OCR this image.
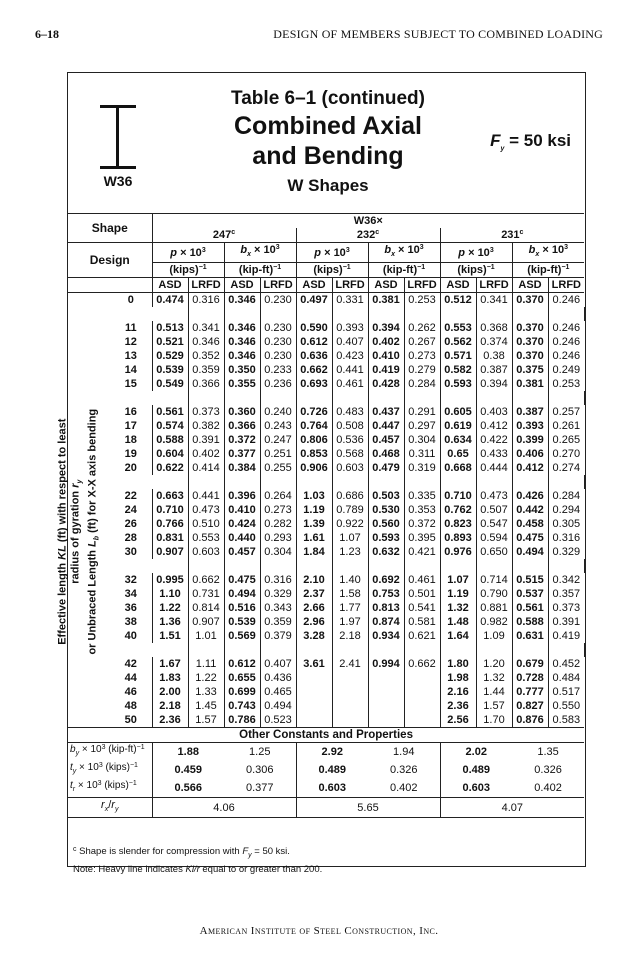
6–18	DESIGN OF MEMBERS SUBJECT TO COMBINED LOADING
W36
Table 6–1 (continued)
Combined Axial
and Bending
W Shapes
$F_y = 50$ ksi
Shape		W36×												
		247$^c$				232$^c$				231$^c$
Design		$p \times 10^3$		$b_x \times 10^3$		$p \times 10^3$		$b_x \times 10^3$		$p \times 10^3$		$b_x \times 10^3$
		(kips)$^{-1}$		$(kip-ft)^{-1}$		(kips)$^{-1}$		$(kip-ft)^{-1}$		(kips)$^{-1}$		$(kip-ft)^{-1}$
		ASD	LRFD	ASD	LRFD	ASD	LRFD	ASD	LRFD	ASD	LRFD	ASD	LRFD	

Effective length KL (ft) with respect to least radius of gyration $r_y$
or Unbraced Length $L_b$ (ft) for X-X axis bending	0	0.474	0.316	0.346	0.230	0.497	0.331	0.381	0.253	0.512	0.341	0.370	0.246	

	11	0.513	0.341	0.346	0.230	0.590	0.393	0.394	0.262	0.553	0.368	0.370	0.246	
	12	0.521	0.346	0.346	0.230	0.612	0.407	0.402	0.267	0.562	0.374	0.370	0.246	
	13	0.529	0.352	0.346	0.230	0.636	0.423	0.410	0.273	0.571	0.38	0.370	0.246	
	14	0.539	0.359	0.350	0.233	0.662	0.441	0.419	0.279	0.582	0.387	0.375	0.249	
	15	0.549	0.366	0.355	0.236	0.693	0.461	0.428	0.284	0.593	0.394	0.381	0.253	

	16	0.561	0.373	0.360	0.240	0.726	0.483	0.437	0.291	0.605	0.403	0.387	0.257	
	17	0.574	0.382	0.366	0.243	0.764	0.508	0.447	0.297	0.619	0.412	0.393	0.261	
	18	0.588	0.391	0.372	0.247	0.806	0.536	0.457	0.304	0.634	0.422	0.399	0.265	
	19	0.604	0.402	0.377	0.251	0.853	0.568	0.468	0.311	0.65	0.433	0.406	0.270	
	20	0.622	0.414	0.384	0.255	0.906	0.603	0.479	0.319	0.668	0.444	0.412	0.274	

	22	0.663	0.441	0.396	0.264	1.03	0.686	0.503	0.335	0.710	0.473	0.426	0.284	
	24	0.710	0.473	0.410	0.273	1.19	0.789	0.530	0.353	0.762	0.507	0.442	0.294	
	26	0.766	0.510	0.424	0.282	1.39	0.922	0.560	0.372	0.823	0.547	0.458	0.305	
	28	0.831	0.553	0.440	0.293	1.61	1.07	0.593	0.395	0.893	0.594	0.475	0.316	
	30	0.907	0.603	0.457	0.304	1.84	1.23	0.632	0.421	0.976	0.650	0.494	0.329	

	32	0.995	0.662	0.475	0.316	2.10	1.40	0.692	0.461	1.07	0.714	0.515	0.342	
	34	1.10	0.731	0.494	0.329	2.37	1.58	0.753	0.501	1.19	0.790	0.537	0.357	
	36	1.22	0.814	0.516	0.343	2.66	1.77	0.813	0.541	1.32	0.881	0.561	0.373	
	38	1.36	0.907	0.539	0.359	2.96	1.97	0.874	0.581	1.48	0.982	0.588	0.391	
	40	1.51	1.01	0.569	0.379	3.28	2.18	0.934	0.621	1.64	1.09	0.631	0.419	

	42	1.67	1.11	0.612	0.407	3.61	2.41	0.994	0.662	1.80	1.20	0.679	0.452	
	44	1.83	1.22	0.655	0.436					1.98	1.32	0.728	0.484	
	46	2.00	1.33	0.699	0.465					2.16	1.44	0.777	0.517	
	48	2.18	1.45	0.743	0.494					2.36	1.57	0.827	0.550	
	50	2.36	1.57	0.786	0.523					2.56	1.70	0.876	0.583	
Other Constants and Properties														
$b_y \times 10^3$ $(kip-ft)^{-1}$		1.88		1.25		2.92		1.94		2.02		1.35		
$t_y \times 10^3$ (kips)$^{-1}$		0.459		0.306		0.489		0.326		0.489		0.326		
$t_r \times 10^3$ (kips)$^{-1}$		0.566		0.377		0.603		0.402		0.603		0.402		
$r_x/r_y$		4.06				5.65				4.07				
$^c$ Shape is slender for compression with $F_y = 50$ ksi.
Note: Heavy line indicates Kl/r equal to or greater than 200.
American Institute of Steel Construction, Inc.
